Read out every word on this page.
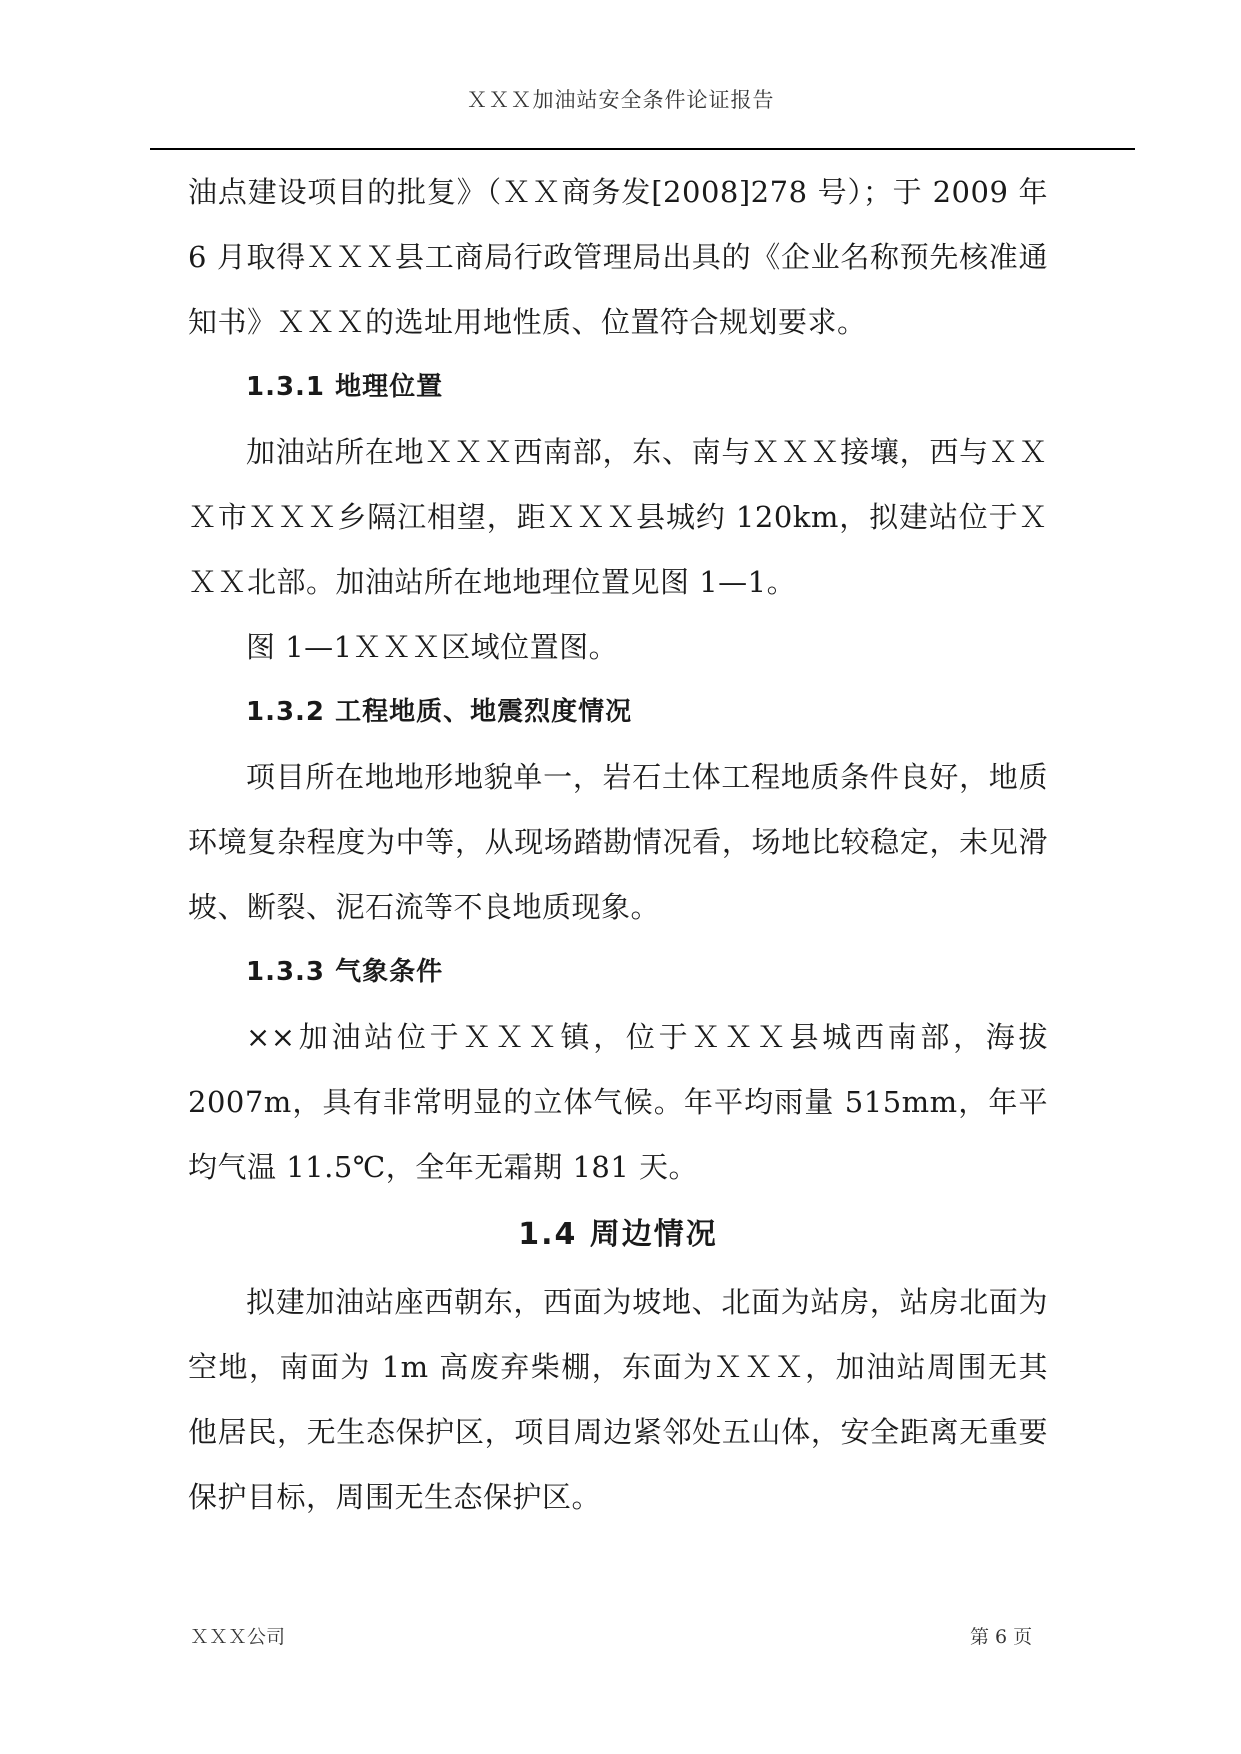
ＸＸＸ加油站安全条件论证报告

油点建设项目的批复》（ＸＸ商务发[2008]278 号）；于 2009 年 6 月取得ＸＸＸ县工商局行政管理局出具的《企业名称预先核准通知书》ＸＸＸ的选址用地性质、位置符合规划要求。

1.3.1 地理位置

加油站所在地ＸＸＸ西南部，东、南与ＸＸＸ接壤，西与ＸＸＸ市ＸＸＸ乡隔江相望，距ＸＸＸ县城约 120km，拟建站位于ＸＸＸ北部。加油站所在地地理位置见图 1—1。

图 1—1ＸＸＸ区域位置图。

1.3.2 工程地质、地震烈度情况

项目所在地地形地貌单一，岩石土体工程地质条件良好，地质环境复杂程度为中等，从现场踏勘情况看，场地比较稳定，未见滑坡、断裂、泥石流等不良地质现象。

1.3.3 气象条件

××加油站位于ＸＸＸ镇，位于ＸＸＸ县城西南部，海拔 2007m，具有非常明显的立体气候。年平均雨量 515mm，年平均气温 11.5℃，全年无霜期 181 天。

1.4 周边情况

拟建加油站座西朝东，西面为坡地、北面为站房，站房北面为空地，南面为 1m 高废弃柴棚，东面为ＸＸＸ，加油站周围无其他居民，无生态保护区，项目周边紧邻处五山体，安全距离无重要保护目标，周围无生态保护区。

ＸＸＸ公司	第 6 页
